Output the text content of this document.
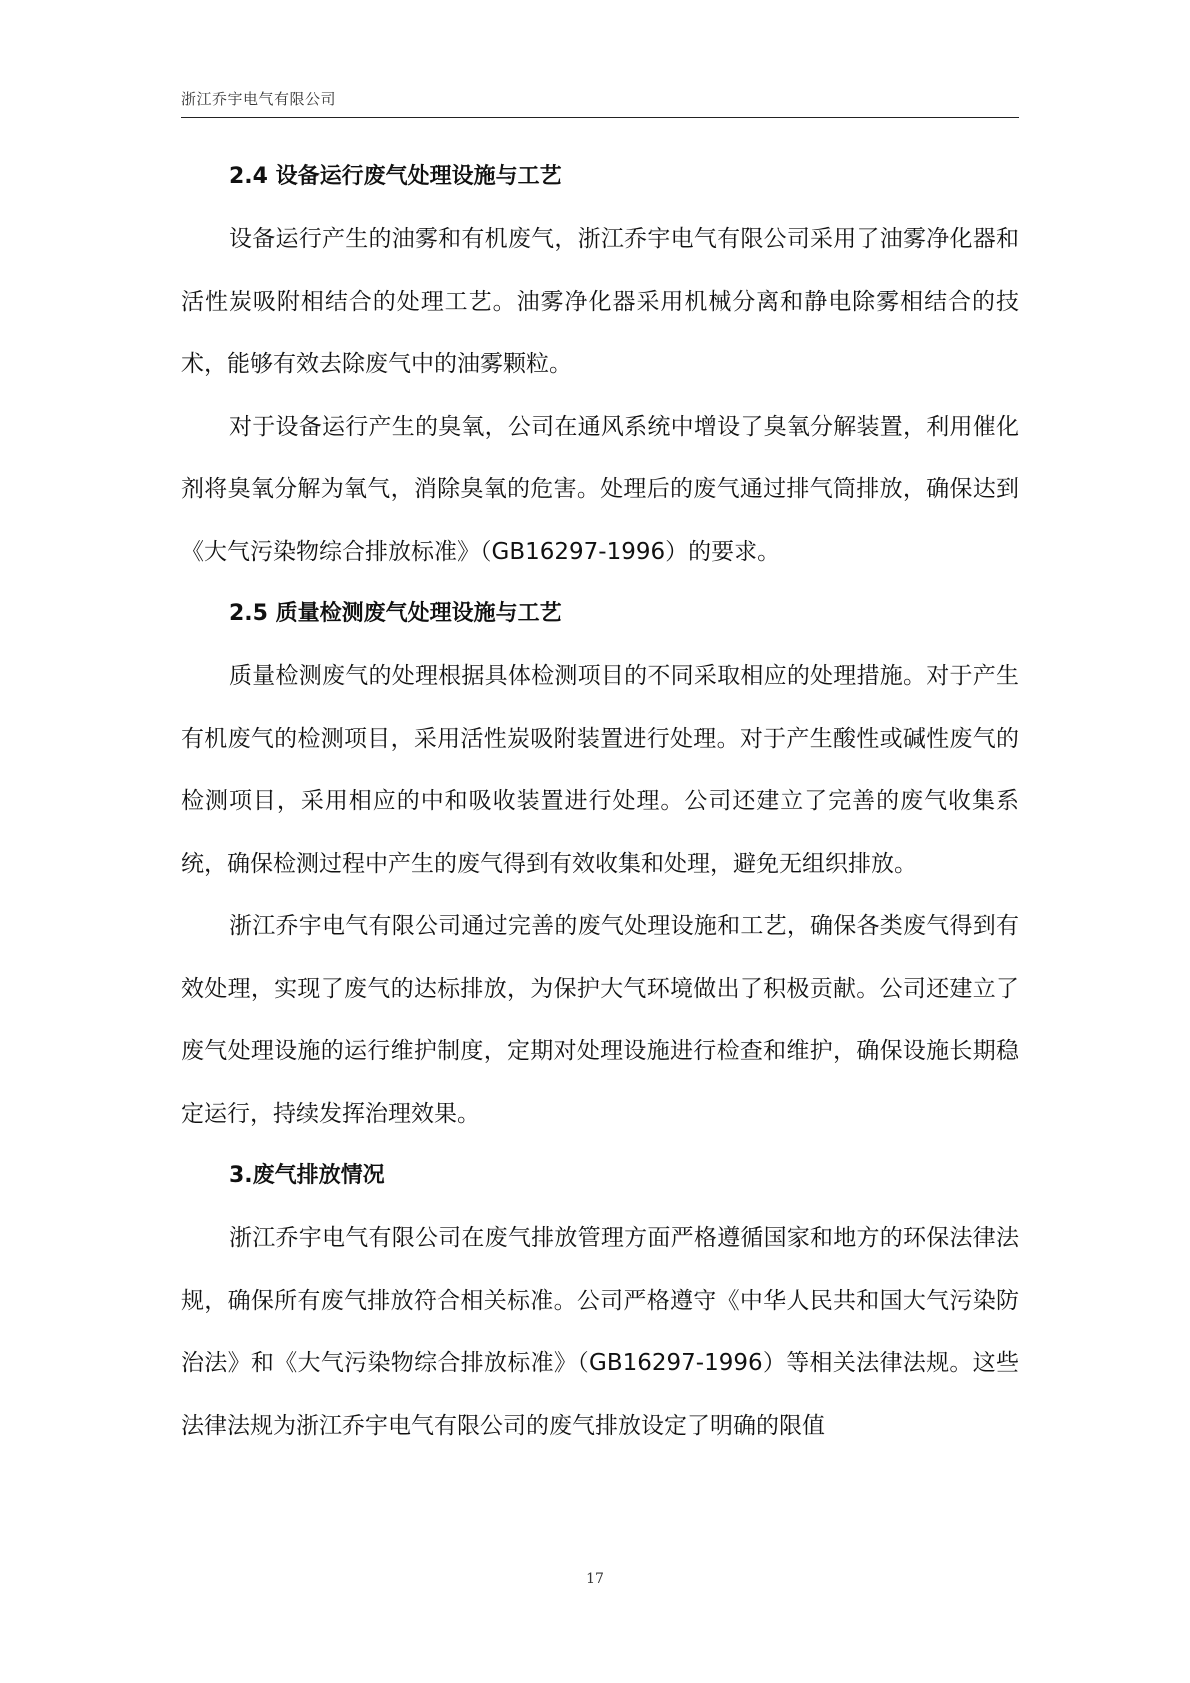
浙江乔宇电气有限公司
2.4 设备运行废气处理设施与工艺

设备运行产生的油雾和有机废气，浙江乔宇电气有限公司采用了油雾净化器和活性炭吸附相结合的处理工艺。油雾净化器采用机械分离和静电除雾相结合的技术，能够有效去除废气中的油雾颗粒。

对于设备运行产生的臭氧，公司在通风系统中增设了臭氧分解装置，利用催化剂将臭氧分解为氧气，消除臭氧的危害。处理后的废气通过排气筒排放，确保达到《大气污染物综合排放标准》（GB16297-1996）的要求。

2.5 质量检测废气处理设施与工艺

质量检测废气的处理根据具体检测项目的不同采取相应的处理措施。对于产生有机废气的检测项目，采用活性炭吸附装置进行处理。对于产生酸性或碱性废气的检测项目，采用相应的中和吸收装置进行处理。公司还建立了完善的废气收集系统，确保检测过程中产生的废气得到有效收集和处理，避免无组织排放。

浙江乔宇电气有限公司通过完善的废气处理设施和工艺，确保各类废气得到有效处理，实现了废气的达标排放，为保护大气环境做出了积极贡献。公司还建立了废气处理设施的运行维护制度，定期对处理设施进行检查和维护，确保设施长期稳定运行，持续发挥治理效果。

3.废气排放情况

浙江乔宇电气有限公司在废气排放管理方面严格遵循国家和地方的环保法律法规，确保所有废气排放符合相关标准。公司严格遵守《中华人民共和国大气污染防治法》和《大气污染物综合排放标准》（GB16297-1996）等相关法律法规。这些法律法规为浙江乔宇电气有限公司的废气排放设定了明确的限值

17
